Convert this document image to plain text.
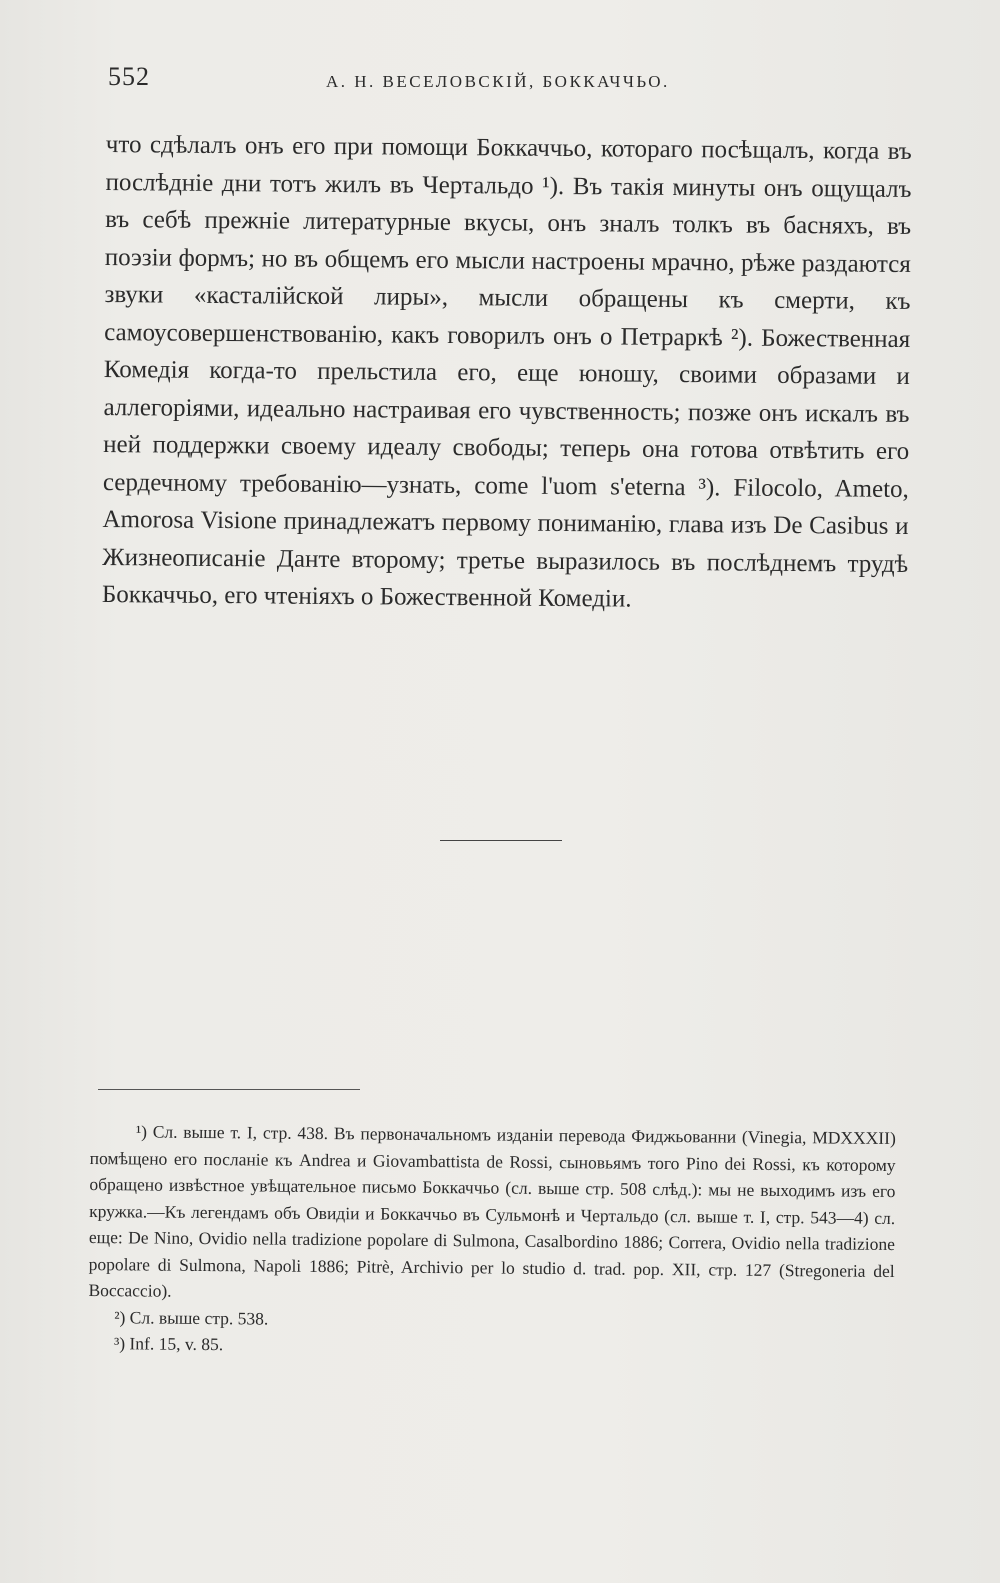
552	А. Н. ВЕСЕЛОВСКІЙ, БОККАЧЧЬО.

что сдѣлалъ онъ его при помощи Боккаччьо, котораго посѣщалъ, когда въ послѣдніе дни тотъ жилъ въ Чертальдо ¹). Въ такія минуты онъ ощущалъ въ себѣ прежніе литературные вкусы, онъ зналъ толкъ въ басняхъ, въ поэзіи формъ; но въ общемъ его мысли настроены мрачно, рѣже раздаются звуки «касталійской лиры», мысли обращены къ смерти, къ самоусовершенствованію, какъ говорилъ онъ о Петраркѣ ²). Божественная Комедія когда-то прельстила его, еще юношу, своими образами и аллегоріями, идеально настраивая его чувственность; позже онъ искалъ въ ней поддержки своему идеалу свободы; теперь она готова отвѣтить его сердечному требованію—узнать, come l'uom s'eterna ³). Filocolo, Ameto, Amorosa Visione принадлежатъ первому пониманію, глава изъ De Casibus и Жизнеописаніе Данте второму; третье выразилось въ послѣднемъ трудѣ Боккаччьо, его чтеніяхъ о Божественной Комедіи.

¹) Сл. выше т. I, стр. 438. Въ первоначальномъ изданіи перевода Фиджьованни (Vinegia, MDXXXII) помѣщено его посланіе къ Andrea и Giovambattista de Rossi, сыновьямъ того Pino dei Rossi, къ которому обращено извѣстное увѣщательное письмо Боккаччьо (сл. выше стр. 508 слѣд.): мы не выходимъ изъ его кружка.—Къ легендамъ объ Овидіи и Боккаччьо въ Сульмонѣ и Чертальдо (сл. выше т. I, стр. 543—4) сл. еще: De Nino, Ovidio nella tradizione popolare di Sulmona, Casalbordino 1886; Correra, Ovidio nella tradizione popolare di Sulmona, Napoli 1886; Pitrè, Archivio per lo studio d. trad. pop. XII, стр. 127 (Stregoneria del Boccaccio).

²) Сл. выше стр. 538.

³) Inf. 15, v. 85.
